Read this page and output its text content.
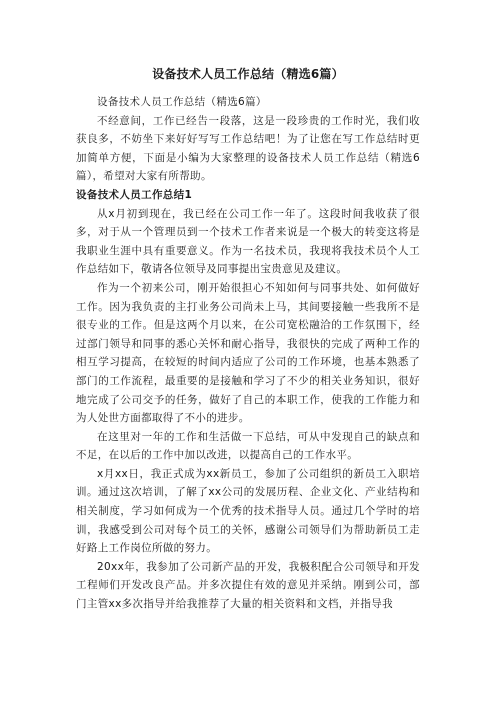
设备技术人员工作总结（精选6篇）

设备技术人员工作总结（精选6篇）

不经意间，工作已经告一段落，这是一段珍贵的工作时光，我们收获良多，不妨坐下来好好写写工作总结吧！为了让您在写工作总结时更加简单方便，下面是小编为大家整理的设备技术人员工作总结（精选6篇），希望对大家有所帮助。

设备技术人员工作总结1

从x月初到现在，我已经在公司工作一年了。这段时间我收获了很多，对于从一个管理员到一个技术工作者来说是一个极大的转变这将是我职业生涯中具有重要意义。作为一名技术员，我现将我技术员个人工作总结如下，敬请各位领导及同事提出宝贵意见及建议。

作为一个初来公司，刚开始很担心不知如何与同事共处、如何做好工作。因为我负责的主打业务公司尚未上马，其间要接触一些我所不是很专业的工作。但是这两个月以来，在公司宽松融洽的工作氛围下，经过部门领导和同事的悉心关怀和耐心指导，我很快的完成了两种工作的相互学习提高，在较短的时间内适应了公司的工作环境，也基本熟悉了部门的工作流程，最重要的是接触和学习了不少的相关业务知识，很好地完成了公司交予的任务，做好了自己的本职工作，使我的工作能力和为人处世方面都取得了不小的进步。

在这里对一年的工作和生活做一下总结，可从中发现自己的缺点和不足，在以后的工作中加以改进，以提高自己的工作水平。

x月xx日，我正式成为xx新员工，参加了公司组织的新员工入职培训。通过这次培训，了解了xx公司的发展历程、企业文化、产业结构和相关制度，学习如何成为一个优秀的技术指导人员。通过几个学时的培训，我感受到公司对每个员工的关怀，感谢公司领导们为帮助新员工走好路上工作岗位所做的努力。

20xx年，我参加了公司新产品的开发，我极积配合公司领导和开发工程师们开发改良产品。并多次提住有效的意见并采纳。刚到公司，部门主管xx多次指导并给我推荐了大量的相关资料和文档，并指导我
